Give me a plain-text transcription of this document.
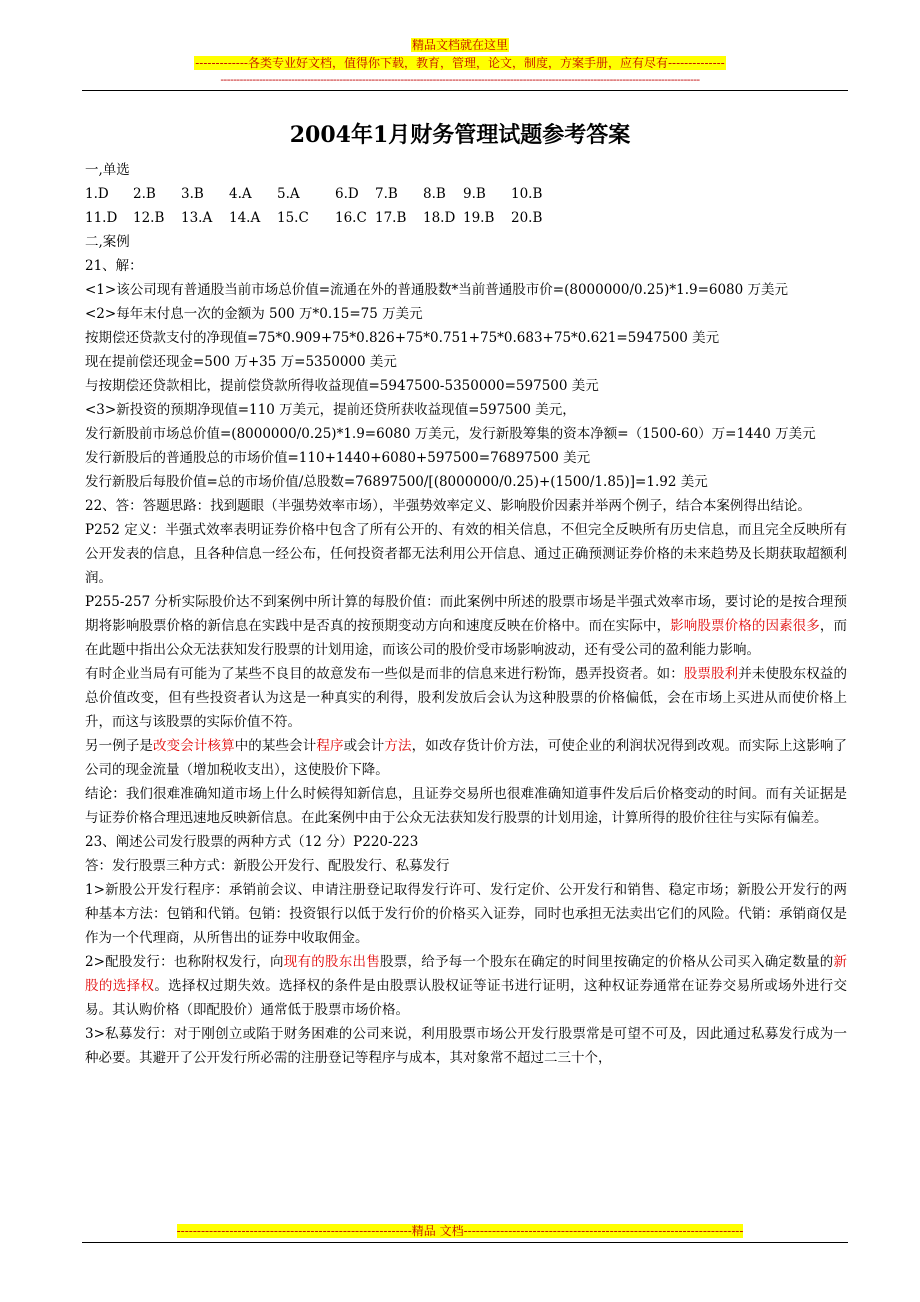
精品文档就在这里
-------------各类专业好文档，值得你下载，教育，管理，论文，制度，方案手册，应有尽有--------------
-----------------------------------------------------------------------------------------------------------------------------------------------------
2004年1月财务管理试题参考答案
一,单选
1.D 2.B 3.B 4.A 5.A	6.D 7.B 8.B 9.B 10.B
11.D 12.B 13.A 14.A 15.C 16.C 17.B 18.D 19.B 20.B
二,案例
21、解：
<1>该公司现有普通股当前市场总价值=流通在外的普通股数*当前普通股市价=(8000000/0.25)*1.9=6080 万美元
<2>每年末付息一次的金额为 500 万*0.15=75 万美元
按期偿还贷款支付的净现值=75*0.909+75*0.826+75*0.751+75*0.683+75*0.621=5947500 美元
现在提前偿还现金=500 万+35 万=5350000 美元
与按期偿还贷款相比，提前偿贷款所得收益现值=5947500-5350000=597500 美元
<3>新投资的预期净现值=110 万美元，提前还贷所获收益现值=597500 美元，
发行新股前市场总价值=(8000000/0.25)*1.9=6080 万美元，发行新股筹集的资本净额=（1500-60）万=1440 万美元
发行新股后的普通股总的市场价值=110+1440+6080+597500=76897500 美元
发行新股后每股价值=总的市场价值/总股数=76897500/[(8000000/0.25)+(1500/1.85)]=1.92 美元
22、答：答题思路：找到题眼（半强势效率市场），半强势效率定义、影响股价因素并举两个例子，结合本案例得出结论。
P252 定义：半强式效率表明证券价格中包含了所有公开的、有效的相关信息，不但完全反映所有历史信息，而且完全反映所有公开发表的信息，且各种信息一经公布，任何投资者都无法利用公开信息、通过正确预测证券价格的未来趋势及长期获取超额利润。
P255-257 分析实际股价达不到案例中所计算的每股价值：而此案例中所述的股票市场是半强式效率市场，要讨论的是按合理预期将影响股票价格的新信息在实践中是否真的按预期变动方向和速度反映在价格中。而在实际中，影响股票价格的因素很多，而在此题中指出公众无法获知发行股票的计划用途，而该公司的股价受市场影响波动，还有受公司的盈利能力影响。
有时企业当局有可能为了某些不良目的故意发布一些似是而非的信息来进行粉饰，愚弄投资者。如：股票股利并未使股东权益的总价值改变，但有些投资者认为这是一种真实的利得，股利发放后会认为这种股票的价格偏低，会在市场上买进从而使价格上升，而这与该股票的实际价值不符。
另一例子是改变会计核算中的某些会计程序或会计方法，如改存货计价方法，可使企业的利润状况得到改观。而实际上这影响了公司的现金流量（增加税收支出），这使股价下降。
结论：我们很难准确知道市场上什么时候得知新信息，且证券交易所也很难准确知道事件发后后价格变动的时间。而有关证据是与证券价格合理迅速地反映新信息。在此案例中由于公众无法获知发行股票的计划用途，计算所得的股价往往与实际有偏差。
23、阐述公司发行股票的两种方式（12 分）P220-223
答：发行股票三种方式：新股公开发行、配股发行、私募发行
1>新股公开发行程序：承销前会议、申请注册登记取得发行许可、发行定价、公开发行和销售、稳定市场；新股公开发行的两种基本方法：包销和代销。包销：投资银行以低于发行价的价格买入证券，同时也承担无法卖出它们的风险。代销：承销商仅是作为一个代理商，从所售出的证券中收取佣金。
2>配股发行：也称附权发行，向现有的股东出售股票，给予每一个股东在确定的时间里按确定的价格从公司买入确定数量的新股的选择权。选择权过期失效。选择权的条件是由股票认股权证等证书进行证明，这种权证券通常在证券交易所或场外进行交易。其认购价格（即配股价）通常低于股票市场价格。
3>私募发行：对于刚创立或陷于财务困难的公司来说，利用股票市场公开发行股票常是可望不可及，因此通过私募发行成为一种必要。其避开了公开发行所必需的注册登记等程序与成本，其对象常不超过二三十个，
----------------------------------------------------------精品 文档---------------------------------------------------------------------
